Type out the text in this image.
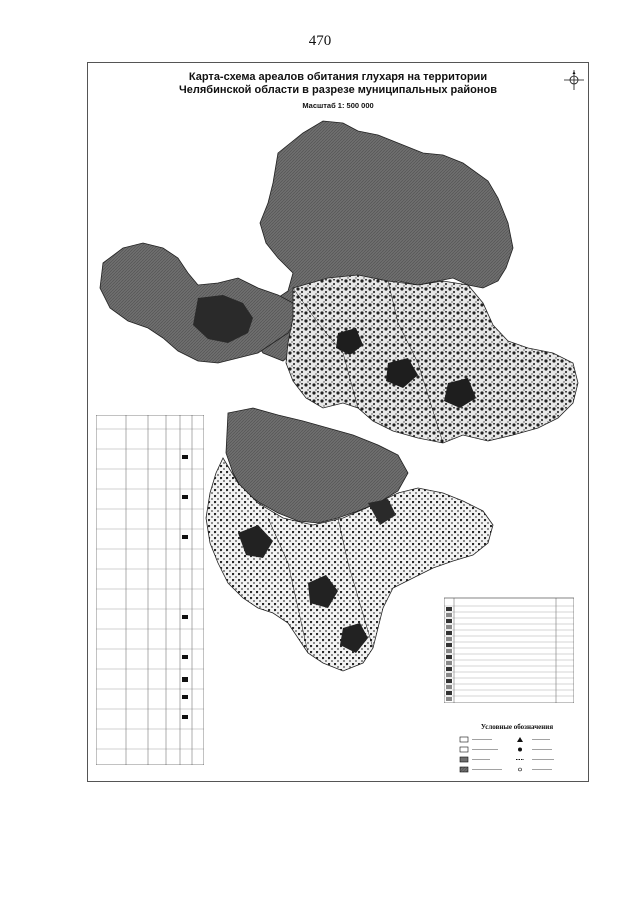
470
Карта-схема ареалов обитания глухаря на территории
Челябинской области в разрезе муниципальных районов
Масштаб 1: 500 000
Условные обозначения
